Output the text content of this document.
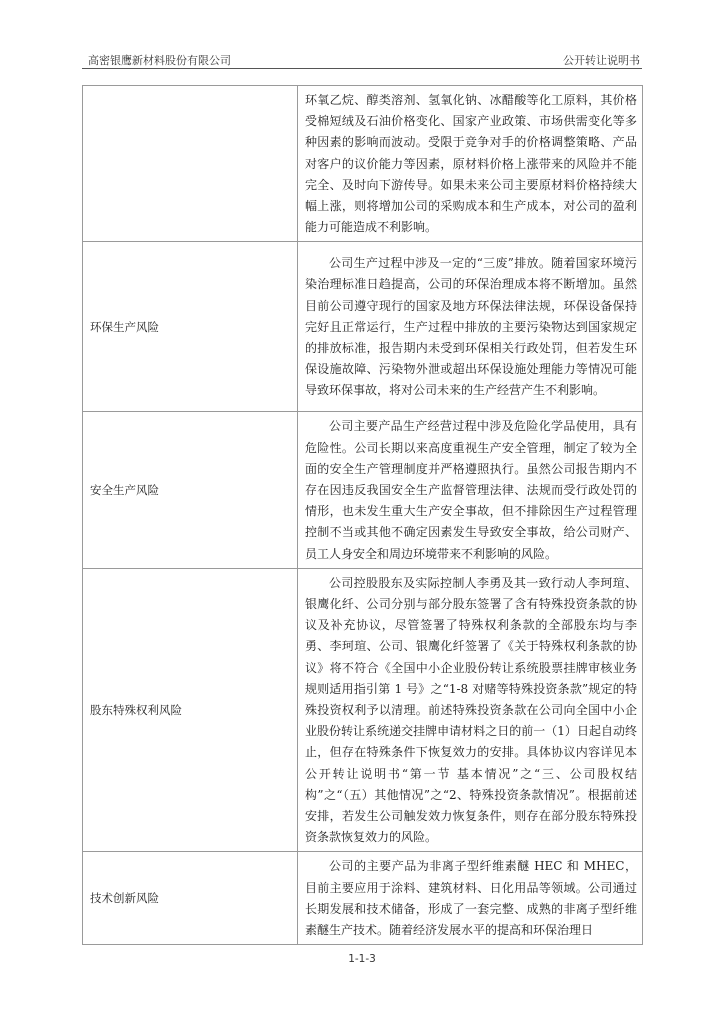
高密银鹰新材料股份有限公司	公开转让说明书

	环氧乙烷、醇类溶剂、氢氧化钠、冰醋酸等化工原料，其价格受棉短绒及石油价格变化、国家产业政策、市场供需变化等多种因素的影响而波动。受限于竞争对手的价格调整策略、产品对客户的议价能力等因素，原材料价格上涨带来的风险并不能完全、及时向下游传导。如果未来公司主要原材料价格持续大幅上涨，则将增加公司的采购成本和生产成本，对公司的盈利能力可能造成不利影响。

环保生产风险	公司生产过程中涉及一定的“三废”排放。随着国家环境污染治理标准日趋提高，公司的环保治理成本将不断增加。虽然目前公司遵守现行的国家及地方环保法律法规，环保设备保持完好且正常运行，生产过程中排放的主要污染物达到国家规定的排放标准，报告期内未受到环保相关行政处罚，但若发生环保设施故障、污染物外泄或超出环保设施处理能力等情况可能导致环保事故，将对公司未来的生产经营产生不利影响。

安全生产风险	公司主要产品生产经营过程中涉及危险化学品使用，具有危险性。公司长期以来高度重视生产安全管理，制定了较为全面的安全生产管理制度并严格遵照执行。虽然公司报告期内不存在因违反我国安全生产监督管理法律、法规而受行政处罚的情形，也未发生重大生产安全事故，但不排除因生产过程管理控制不当或其他不确定因素发生导致安全事故，给公司财产、员工人身安全和周边环境带来不利影响的风险。

股东特殊权利风险	公司控股股东及实际控制人李勇及其一致行动人李珂瑄、银鹰化纤、公司分别与部分股东签署了含有特殊投资条款的协议及补充协议，尽管签署了特殊权利条款的全部股东均与李勇、李珂瑄、公司、银鹰化纤签署了《关于特殊权利条款的协议》将不符合《全国中小企业股份转让系统股票挂牌审核业务规则适用指引第 1 号》之“1-8 对赌等特殊投资条款”规定的特殊投资权利予以清理。前述特殊投资条款在公司向全国中小企业股份转让系统递交挂牌申请材料之日的前一（1）日起自动终止，但存在特殊条件下恢复效力的安排。具体协议内容详见本公开转让说明书“第一节 基本情况”之“三、公司股权结构”之“（五）其他情况”之“2、特殊投资条款情况”。根据前述安排，若发生公司触发效力恢复条件，则存在部分股东特殊投资条款恢复效力的风险。

技术创新风险	公司的主要产品为非离子型纤维素醚 HEC 和 MHEC，目前主要应用于涂料、建筑材料、日化用品等领域。公司通过长期发展和技术储备，形成了一套完整、成熟的非离子型纤维素醚生产技术。随着经济发展水平的提高和环保治理日

1-1-3
